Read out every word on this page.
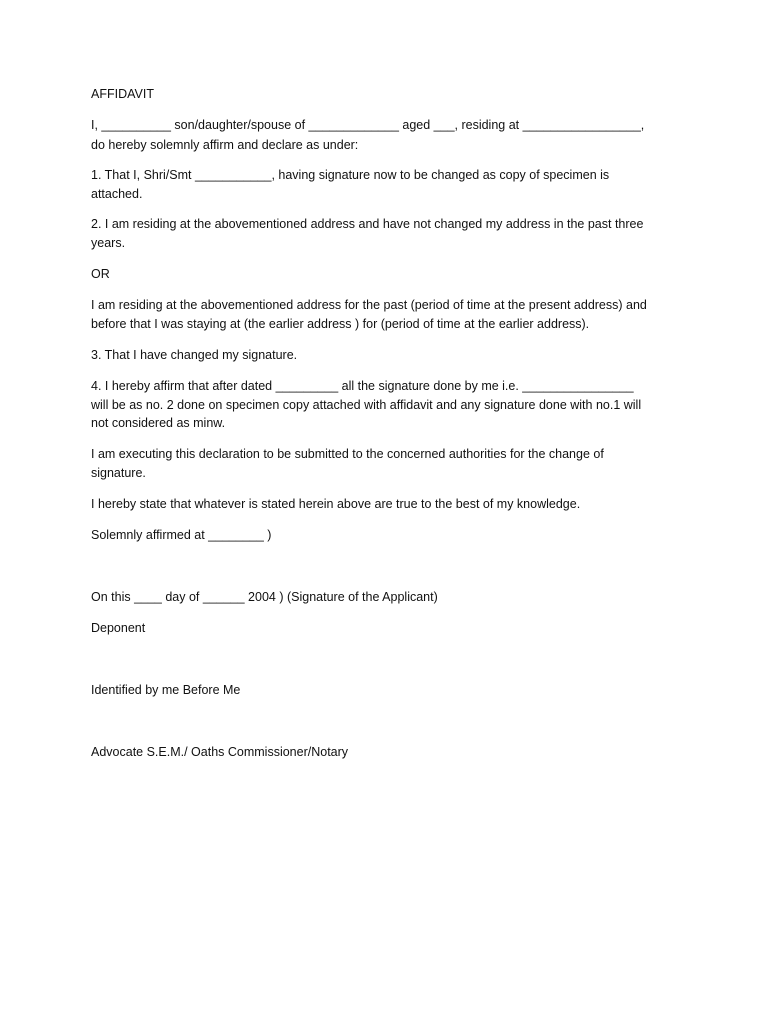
AFFIDAVIT
I, __________ son/daughter/spouse of _____________ aged ___, residing at _________________,
do hereby solemnly affirm and declare as under:
1. That I, Shri/Smt ___________, having signature now to be changed as copy of specimen is
attached.
2. I am residing at the abovementioned address and have not changed my address in the past three
years.
OR
I am residing at the abovementioned address for the past (period of time at the present address) and
before that I was staying at (the earlier address ) for (period of time at the earlier address).
3. That I have changed my signature.
4. I hereby affirm that after dated _________ all the signature done by me i.e. ________________
will be as no. 2 done on specimen copy attached with affidavit and any signature done with no.1 will
not considered as minw.
I am executing this declaration to be submitted to the concerned authorities for the change of
signature.
I hereby state that whatever is stated herein above are true to the best of my knowledge.
Solemnly affirmed at ________ )
On this ____ day of ______ 2004 ) (Signature of the Applicant)
Deponent
Identified by me Before Me
Advocate S.E.M./ Oaths Commissioner/Notary
